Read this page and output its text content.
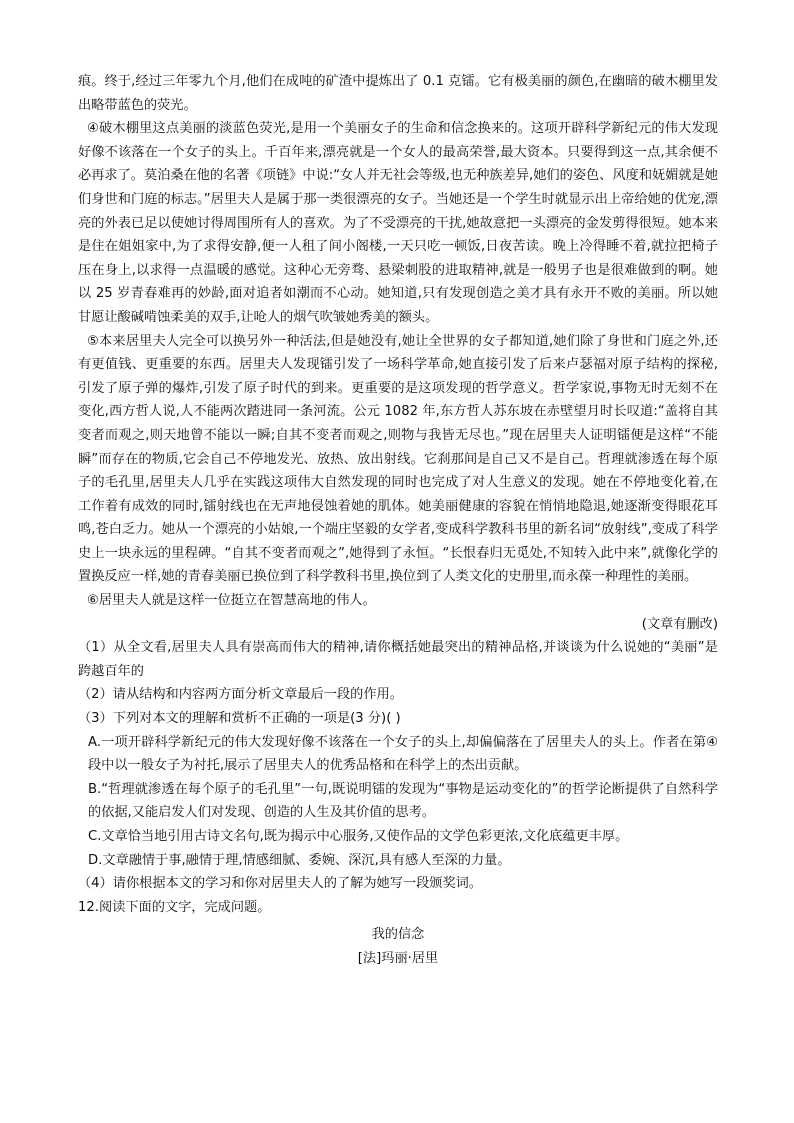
痕。终于,经过三年零九个月,他们在成吨的矿渣中提炼出了 0.1 克镭。它有极美丽的颜色,在幽暗的破木棚里发出略带蓝色的荧光。

④破木棚里这点美丽的淡蓝色荧光,是用一个美丽女子的生命和信念换来的。这项开辟科学新纪元的伟大发现好像不该落在一个女子的头上。千百年来,漂亮就是一个女人的最高荣誉,最大资本。只要得到这一点,其余便不必再求了。莫泊桑在他的名著《项链》中说:“女人并无社会等级,也无种族差异,她们的姿色、风度和妩媚就是她们身世和门庭的标志。”居里夫人是属于那一类很漂亮的女子。当她还是一个学生时就显示出上帝给她的优宠,漂亮的外表已足以使她讨得周围所有人的喜欢。为了不受漂亮的干扰,她故意把一头漂亮的金发剪得很短。她本来是住在姐姐家中,为了求得安静,便一人租了间小阁楼,一天只吃一顿饭,日夜苦读。晚上冷得睡不着,就拉把椅子压在身上,以求得一点温暖的感觉。这种心无旁骛、悬梁刺股的进取精神,就是一般男子也是很难做到的啊。她以 25 岁青春难再的妙龄,面对追者如潮而不心动。她知道,只有发现创造之美才具有永开不败的美丽。所以她甘愿让酸碱啃蚀柔美的双手,让呛人的烟气吹皱她秀美的额头。

⑤本来居里夫人完全可以换另外一种活法,但是她没有,她让全世界的女子都知道,她们除了身世和门庭之外,还有更值钱、更重要的东西。居里夫人发现镭引发了一场科学革命,她直接引发了后来卢瑟福对原子结构的探秘,引发了原子弹的爆炸,引发了原子时代的到来。更重要的是这项发现的哲学意义。哲学家说,事物无时无刻不在变化,西方哲人说,人不能两次踏进同一条河流。公元 1082 年,东方哲人苏东坡在赤壁望月时长叹道:“盖将自其变者而观之,则天地曾不能以一瞬;自其不变者而观之,则物与我皆无尽也。”现在居里夫人证明镭便是这样“不能瞬”而存在的物质,它会自己不停地发光、放热、放出射线。它刹那间是自己又不是自己。哲理就渗透在每个原子的毛孔里,居里夫人几乎在实践这项伟大自然发现的同时也完成了对人生意义的发现。她在不停地变化着,在工作着有成效的同时,镭射线也在无声地侵蚀着她的肌体。她美丽健康的容貌在悄悄地隐退,她逐渐变得眼花耳鸣,苍白乏力。她从一个漂亮的小姑娘,一个端庄坚毅的女学者,变成科学教科书里的新名词“放射线”,变成了科学史上一块永远的里程碑。“自其不变者而观之”,她得到了永恒。“长恨春归无觅处,不知转入此中来”,就像化学的置换反应一样,她的青春美丽已换位到了科学教科书里,换位到了人类文化的史册里,而永葆一种理性的美丽。

⑥居里夫人就是这样一位挺立在智慧高地的伟人。

(文章有删改)

（1）从全文看,居里夫人具有崇高而伟大的精神,请你概括她最突出的精神品格,并谈谈为什么说她的“美丽”是跨越百年的

（2）请从结构和内容两方面分析文章最后一段的作用。

（3）下列对本文的理解和赏析不正确的一项是(3 分)( )

A.一项开辟科学新纪元的伟大发现好像不该落在一个女子的头上,却偏偏落在了居里夫人的头上。作者在第④段中以一般女子为衬托,展示了居里夫人的优秀品格和在科学上的杰出贡献。

B.“哲理就渗透在每个原子的毛孔里”一句,既说明镭的发现为“事物是运动变化的”的哲学论断提供了自然科学的依据,又能启发人们对发现、创造的人生及其价值的思考。

C.文章恰当地引用古诗文名句,既为揭示中心服务,又使作品的文学色彩更浓,文化底蕴更丰厚。

D.文章融情于事,融情于理,情感细腻、委婉、深沉,具有感人至深的力量。

（4）请你根据本文的学习和你对居里夫人的了解为她写一段颁奖词。

12.阅读下面的文字，完成问题。

我的信念

[法]玛丽·居里
